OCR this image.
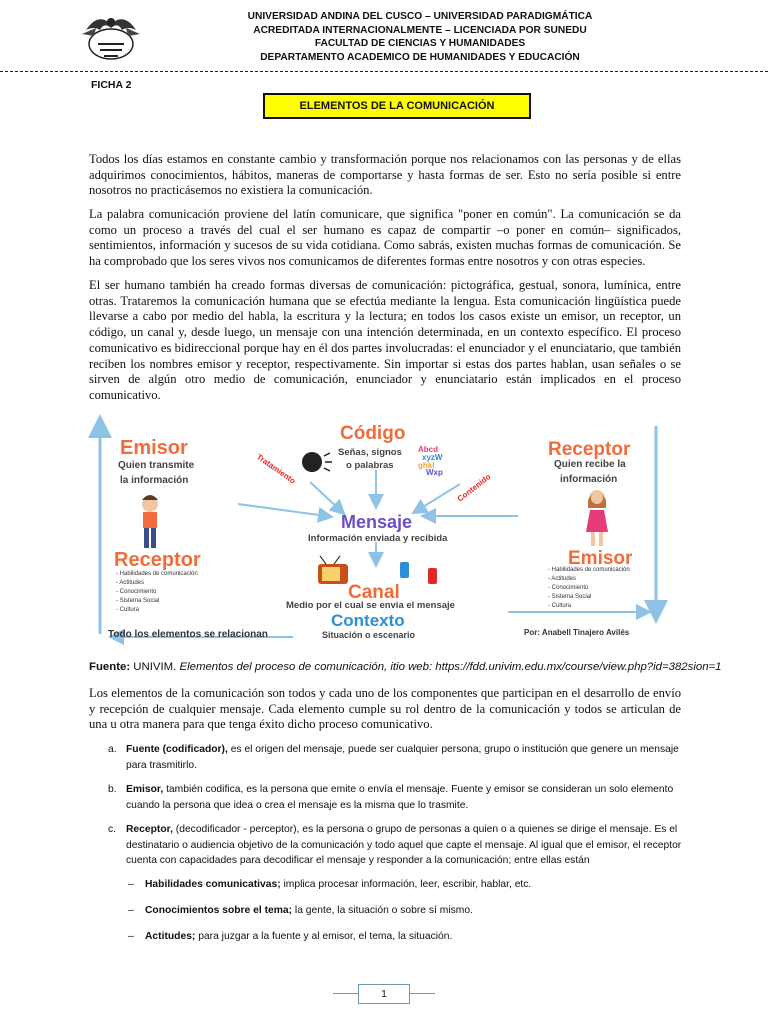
UNIVERSIDAD ANDINA DEL CUSCO – UNIVERSIDAD PARADIGMÁTICA
ACREDITADA INTERNACIONALMENTE – LICENCIADA POR SUNEDU
FACULTAD DE CIENCIAS Y HUMANIDADES
DEPARTAMENTO ACADEMICO DE HUMANIDADES Y EDUCACIÓN
FICHA 2
ELEMENTOS DE LA COMUNICACIÓN
Todos los días estamos en constante cambio y transformación porque nos relacionamos con las personas y de ellas adquirimos conocimientos, hábitos, maneras de comportarse y hasta formas de ser. Esto no sería posible si entre nosotros no practicásemos no existiera la comunicación.
La palabra comunicación proviene del latín comunicare, que significa "poner en común". La comunicación se da como un proceso a través del cual el ser humano es capaz de compartir –o poner en común– significados, sentimientos, información y sucesos de su vida cotidiana. Como sabrás, existen muchas formas de comunicación. Se ha comprobado que los seres vivos nos comunicamos de diferentes formas entre nosotros y con otras especies.
El ser humano también ha creado formas diversas de comunicación: pictográfica, gestual, sonora, lumínica, entre otras. Trataremos la comunicación humana que se efectúa mediante la lengua. Esta comunicación lingüística puede llevarse a cabo por medio del habla, la escritura y la lectura; en todos los casos existe un emisor, un receptor, un código, un canal y, desde luego, un mensaje con una intención determinada, en un contexto específico. El proceso comunicativo es bidireccional porque hay en él dos partes involucradas: el enunciador y el enunciatario, que también reciben los nombres emisor y receptor, respectivamente. Sin importar si estas dos partes hablan, usan señales o se sirven de algún otro medio de comunicación, enunciador y enunciatario están implicados en el proceso comunicativo.
Emisor
Quien transmite
la información
Receptor
- Habilidades de comunicación
- Actitudes
- Conocimiento
- Sistema Social
- Cultura
Todo los elementos se relacionan
Código
Señas, signos
o palabras
Abcd
xyzW
ghkl
Wxp
Tratamiento
Contenido
Mensaje
Información enviada y recibida
Canal
Medio por el cual se envia el mensaje
Contexto
Situación o escenario
Receptor
Quien recibe la
información
Emisor
- Habilidades de comunicación
- Actitudes
- Conocimiento
- Sistema Social
- Cultura
Por: Anabell Tinajero Avilés
Fuente: UNIVIM. Elementos del proceso de comunicación, itio web: https://fdd.univim.edu.mx/course/view.php?id=382sion=1
Los elementos de la comunicación son todos y cada uno de los componentes que participan en el desarrollo de envío y recepción de cualquier mensaje. Cada elemento cumple su rol dentro de la comunicación y todos se articulan de una u otra manera para que tenga éxito dicho proceso comunicativo.
a. Fuente (codificador), es el origen del mensaje, puede ser cualquier persona, grupo o institución que genere un mensaje para trasmitirlo.
b. Emisor, también codifica, es la persona que emite o envía el mensaje. Fuente y emisor se consideran un solo elemento cuando la persona que idea o crea el mensaje es la misma que lo trasmite.
c. Receptor, (decodificador - perceptor), es la persona o grupo de personas a quien o a quienes se dirige el mensaje. Es el destinatario o audiencia objetivo de la comunicación y todo aquel que capte el mensaje. Al igual que el emisor, el receptor cuenta con capacidades para decodificar el mensaje y responder a la comunicación; entre ellas están
– Habilidades comunicativas; implica procesar información, leer, escribir, hablar, etc.
– Conocimientos sobre el tema; la gente, la situación o sobre sí mismo.
– Actitudes; para juzgar a la fuente y al emisor, el tema, la situación.
1
